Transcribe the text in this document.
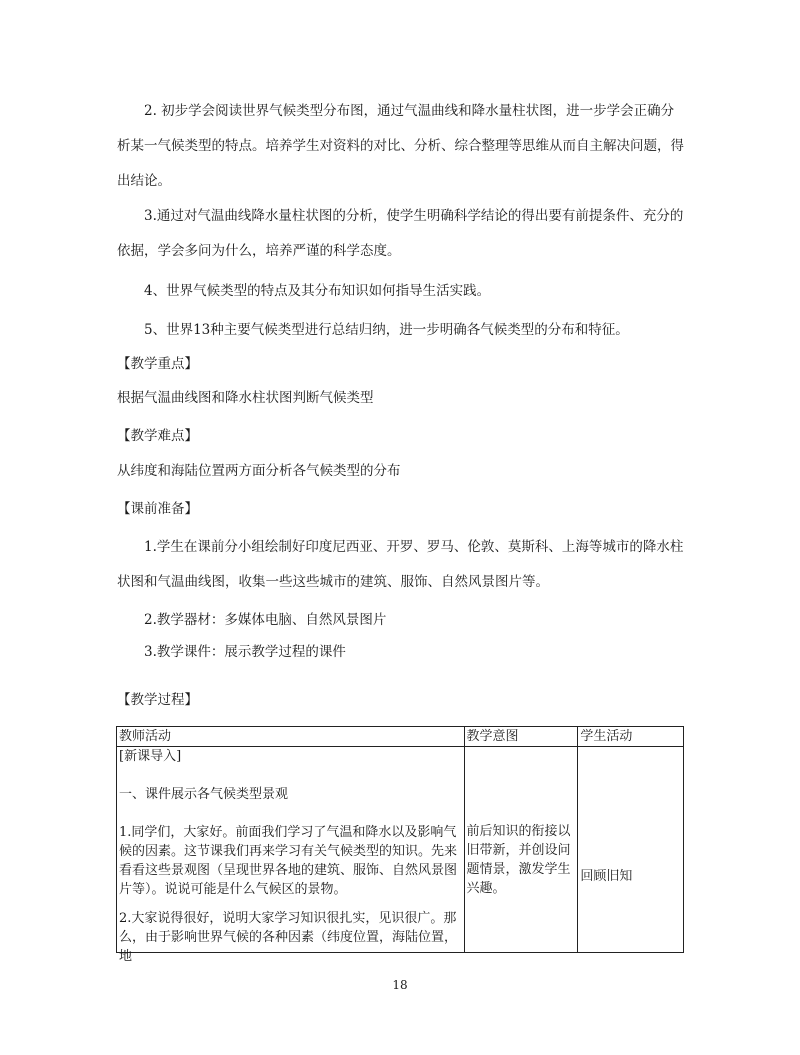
2. 初步学会阅读世界气候类型分布图，通过气温曲线和降水量柱状图，进一步学会正确分析某一气候类型的特点。培养学生对资料的对比、分析、综合整理等思维从而自主解决问题，得出结论。

3.通过对气温曲线降水量柱状图的分析，使学生明确科学结论的得出要有前提条件、充分的依据，学会多问为什么，培养严谨的科学态度。

4、世界气候类型的特点及其分布知识如何指导生活实践。

5、世界13种主要气候类型进行总结归纳，进一步明确各气候类型的分布和特征。

【教学重点】

根据气温曲线图和降水柱状图判断气候类型

【教学难点】

从纬度和海陆位置两方面分析各气候类型的分布

【课前准备】

1.学生在课前分小组绘制好印度尼西亚、开罗、罗马、伦敦、莫斯科、上海等城市的降水柱状图和气温曲线图，收集一些这些城市的建筑、服饰、自然风景图片等。

2.教学器材：多媒体电脑、自然风景图片

3.教学课件：展示教学过程的课件

【教学过程】

教师活动	教学意图	学生活动

[新课导入]

一、课件展示各气候类型景观

1.同学们，大家好。前面我们学习了气温和降水以及影响气候的因素。这节课我们再来学习有关气候类型的知识。先来看看这些景观图（呈现世界各地的建筑、服饰、自然风景图片等）。说说可能是什么气候区的景物。

2.大家说得很好，说明大家学习知识很扎实，见识很广。那么，由于影响世界气候的各种因素（纬度位置，海陆位置，地	前后知识的衔接以旧带新，并创设问题情景，激发学生兴趣。	回顾旧知
18
